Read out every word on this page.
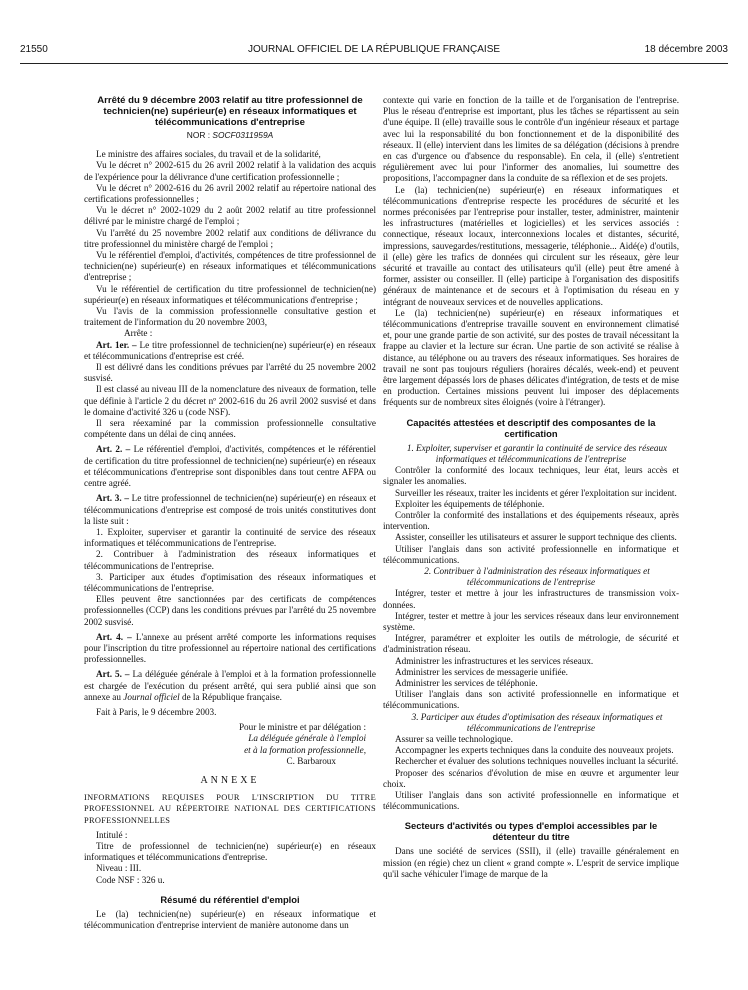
21550	JOURNAL OFFICIEL DE LA RÉPUBLIQUE FRANÇAISE	18 décembre 2003
Arrêté du 9 décembre 2003 relatif au titre professionnel de technicien(ne) supérieur(e) en réseaux informatiques et télécommunications d'entreprise
NOR : SOCF0311959A

Le ministre des affaires sociales, du travail et de la solidarité,

Vu le décret n° 2002-615 du 26 avril 2002 relatif à la validation des acquis de l'expérience pour la délivrance d'une certification professionnelle ;

Vu le décret n° 2002-616 du 26 avril 2002 relatif au répertoire national des certifications professionnelles ;

Vu le décret n° 2002-1029 du 2 août 2002 relatif au titre professionnel délivré par le ministre chargé de l'emploi ;

Vu l'arrêté du 25 novembre 2002 relatif aux conditions de délivrance du titre professionnel du ministère chargé de l'emploi ;

Vu le référentiel d'emploi, d'activités, compétences de titre professionnel de technicien(ne) supérieur(e) en réseaux informatiques et télécommunications d'entreprise ;

Vu le référentiel de certification du titre professionnel de technicien(ne) supérieur(e) en réseaux informatiques et télécommunications d'entreprise ;

Vu l'avis de la commission professionnelle consultative gestion et traitement de l'information du 20 novembre 2003,

Arrête :

Art. 1er. – Le titre professionnel de technicien(ne) supérieur(e) en réseaux et télécommunications d'entreprise est créé.

Il est délivré dans les conditions prévues par l'arrêté du 25 novembre 2002 susvisé.

Il est classé au niveau III de la nomenclature des niveaux de formation, telle que définie à l'article 2 du décret nº 2002-616 du 26 avril 2002 susvisé et dans le domaine d'activité 326 u (code NSF).

Il sera réexaminé par la commission professionnelle consultative compétente dans un délai de cinq années.

Art. 2. – Le référentiel d'emploi, d'activités, compétences et le référentiel de certification du titre professionnel de technicien(ne) supérieur(e) en réseaux et télécommunications d'entreprise sont disponibles dans tout centre AFPA ou centre agréé.

Art. 3. – Le titre professionnel de technicien(ne) supérieur(e) en réseaux et télécommunications d'entreprise est composé de trois unités constitutives dont la liste suit :

1. Exploiter, superviser et garantir la continuité de service des réseaux informatiques et télécommunications de l'entreprise.

2. Contribuer à l'administration des réseaux informatiques et télécommunications de l'entreprise.

3. Participer aux études d'optimisation des réseaux informatiques et télécommunications de l'entreprise.

Elles peuvent être sanctionnées par des certificats de compétences professionnelles (CCP) dans les conditions prévues par l'arrêté du 25 novembre 2002 susvisé.

Art. 4. – L'annexe au présent arrêté comporte les informations requises pour l'inscription du titre professionnel au répertoire national des certifications professionnelles.

Art. 5. – La déléguée générale à l'emploi et à la formation professionnelle est chargée de l'exécution du présent arrêté, qui sera publié ainsi que son annexe au Journal officiel de la République française.

Fait à Paris, le 9 décembre 2003.

Pour le ministre et par délégation :

La déléguée générale à l'emploi

et à la formation professionnelle,

C. Barbaroux

ANNEXE

INFORMATIONS REQUISES POUR L'INSCRIPTION DU TITRE PROFESSIONNEL AU RÉPERTOIRE NATIONAL DES CERTIFICATIONS PROFESSIONNELLES

Intitulé :

Titre de professionnel de technicien(ne) supérieur(e) en réseaux informatiques et télécommunications d'entreprise.

Niveau : III.

Code NSF : 326 u.

Résumé du référentiel d'emploi

Le (la) technicien(ne) supérieur(e) en réseaux informatique et télécommunication d'entreprise intervient de manière autonome dans un

contexte qui varie en fonction de la taille et de l'organisation de l'entreprise. Plus le réseau d'entreprise est important, plus les tâches se répartissent au sein d'une équipe. Il (elle) travaille sous le contrôle d'un ingénieur réseaux et partage avec lui la responsabilité du bon fonctionnement et de la disponibilité des réseaux. Il (elle) intervient dans les limites de sa délégation (décisions à prendre en cas d'urgence ou d'absence du responsable). En cela, il (elle) s'entretient régulièrement avec lui pour l'informer des anomalies, lui soumettre des propositions, l'accompagner dans la conduite de sa réflexion et de ses projets.

Le (la) technicien(ne) supérieur(e) en réseaux informatiques et télécommunications d'entreprise respecte les procédures de sécurité et les normes préconisées par l'entreprise pour installer, tester, administrer, maintenir les infrastructures (matérielles et logicielles) et les services associés : connectique, réseaux locaux, interconnexions locales et distantes, sécurité, impressions, sauvegardes/restitutions, messagerie, téléphonie... Aidé(e) d'outils, il (elle) gère les trafics de données qui circulent sur les réseaux, gère leur sécurité et travaille au contact des utilisateurs qu'il (elle) peut être amené à former, assister ou conseiller. Il (elle) participe à l'organisation des dispositifs généraux de maintenance et de secours et à l'optimisation du réseau en y intégrant de nouveaux services et de nouvelles applications.

Le (la) technicien(ne) supérieur(e) en réseaux informatiques et télécommunications d'entreprise travaille souvent en environnement climatisé et, pour une grande partie de son activité, sur des postes de travail nécessitant la frappe au clavier et la lecture sur écran. Une partie de son activité se réalise à distance, au téléphone ou au travers des réseaux informatiques. Ses horaires de travail ne sont pas toujours réguliers (horaires décalés, week-end) et peuvent être largement dépassés lors de phases délicates d'intégration, de tests et de mise en production. Certaines missions peuvent lui imposer des déplacements fréquents sur de nombreux sites éloignés (voire à l'étranger).

Capacités attestées et descriptif des composantes de la certification

1. Exploiter, superviser et garantir la continuité de service des réseaux informatiques et télécommunications de l'entreprise

Contrôler la conformité des locaux techniques, leur état, leurs accès et signaler les anomalies.

Surveiller les réseaux, traiter les incidents et gérer l'exploitation sur incident.

Exploiter les équipements de téléphonie.

Contrôler la conformité des installations et des équipements réseaux, après intervention.

Assister, conseiller les utilisateurs et assurer le support technique des clients.

Utiliser l'anglais dans son activité professionnelle en informatique et télécommunications.

2. Contribuer à l'administration des réseaux informatiques et télécommunications de l'entreprise

Intégrer, tester et mettre à jour les infrastructures de transmission voix-données.

Intégrer, tester et mettre à jour les services réseaux dans leur environnement système.

Intégrer, paramétrer et exploiter les outils de métrologie, de sécurité et d'administration réseau.

Administrer les infrastructures et les services réseaux.

Administrer les services de messagerie unifiée.

Administrer les services de téléphonie.

Utiliser l'anglais dans son activité professionnelle en informatique et télécommunications.

3. Participer aux études d'optimisation des réseaux informatiques et télécommunications de l'entreprise

Assurer sa veille technologique.

Accompagner les experts techniques dans la conduite des nouveaux projets.

Rechercher et évaluer des solutions techniques nouvelles incluant la sécurité.

Proposer des scénarios d'évolution de mise en œuvre et argumenter leur choix.

Utiliser l'anglais dans son activité professionnelle en informatique et télécommunications.

Secteurs d'activités ou types d'emploi accessibles par le détenteur du titre

Dans une société de services (SSII), il (elle) travaille généralement en mission (en régie) chez un client « grand compte ». L'esprit de service implique qu'il sache véhiculer l'image de marque de la
